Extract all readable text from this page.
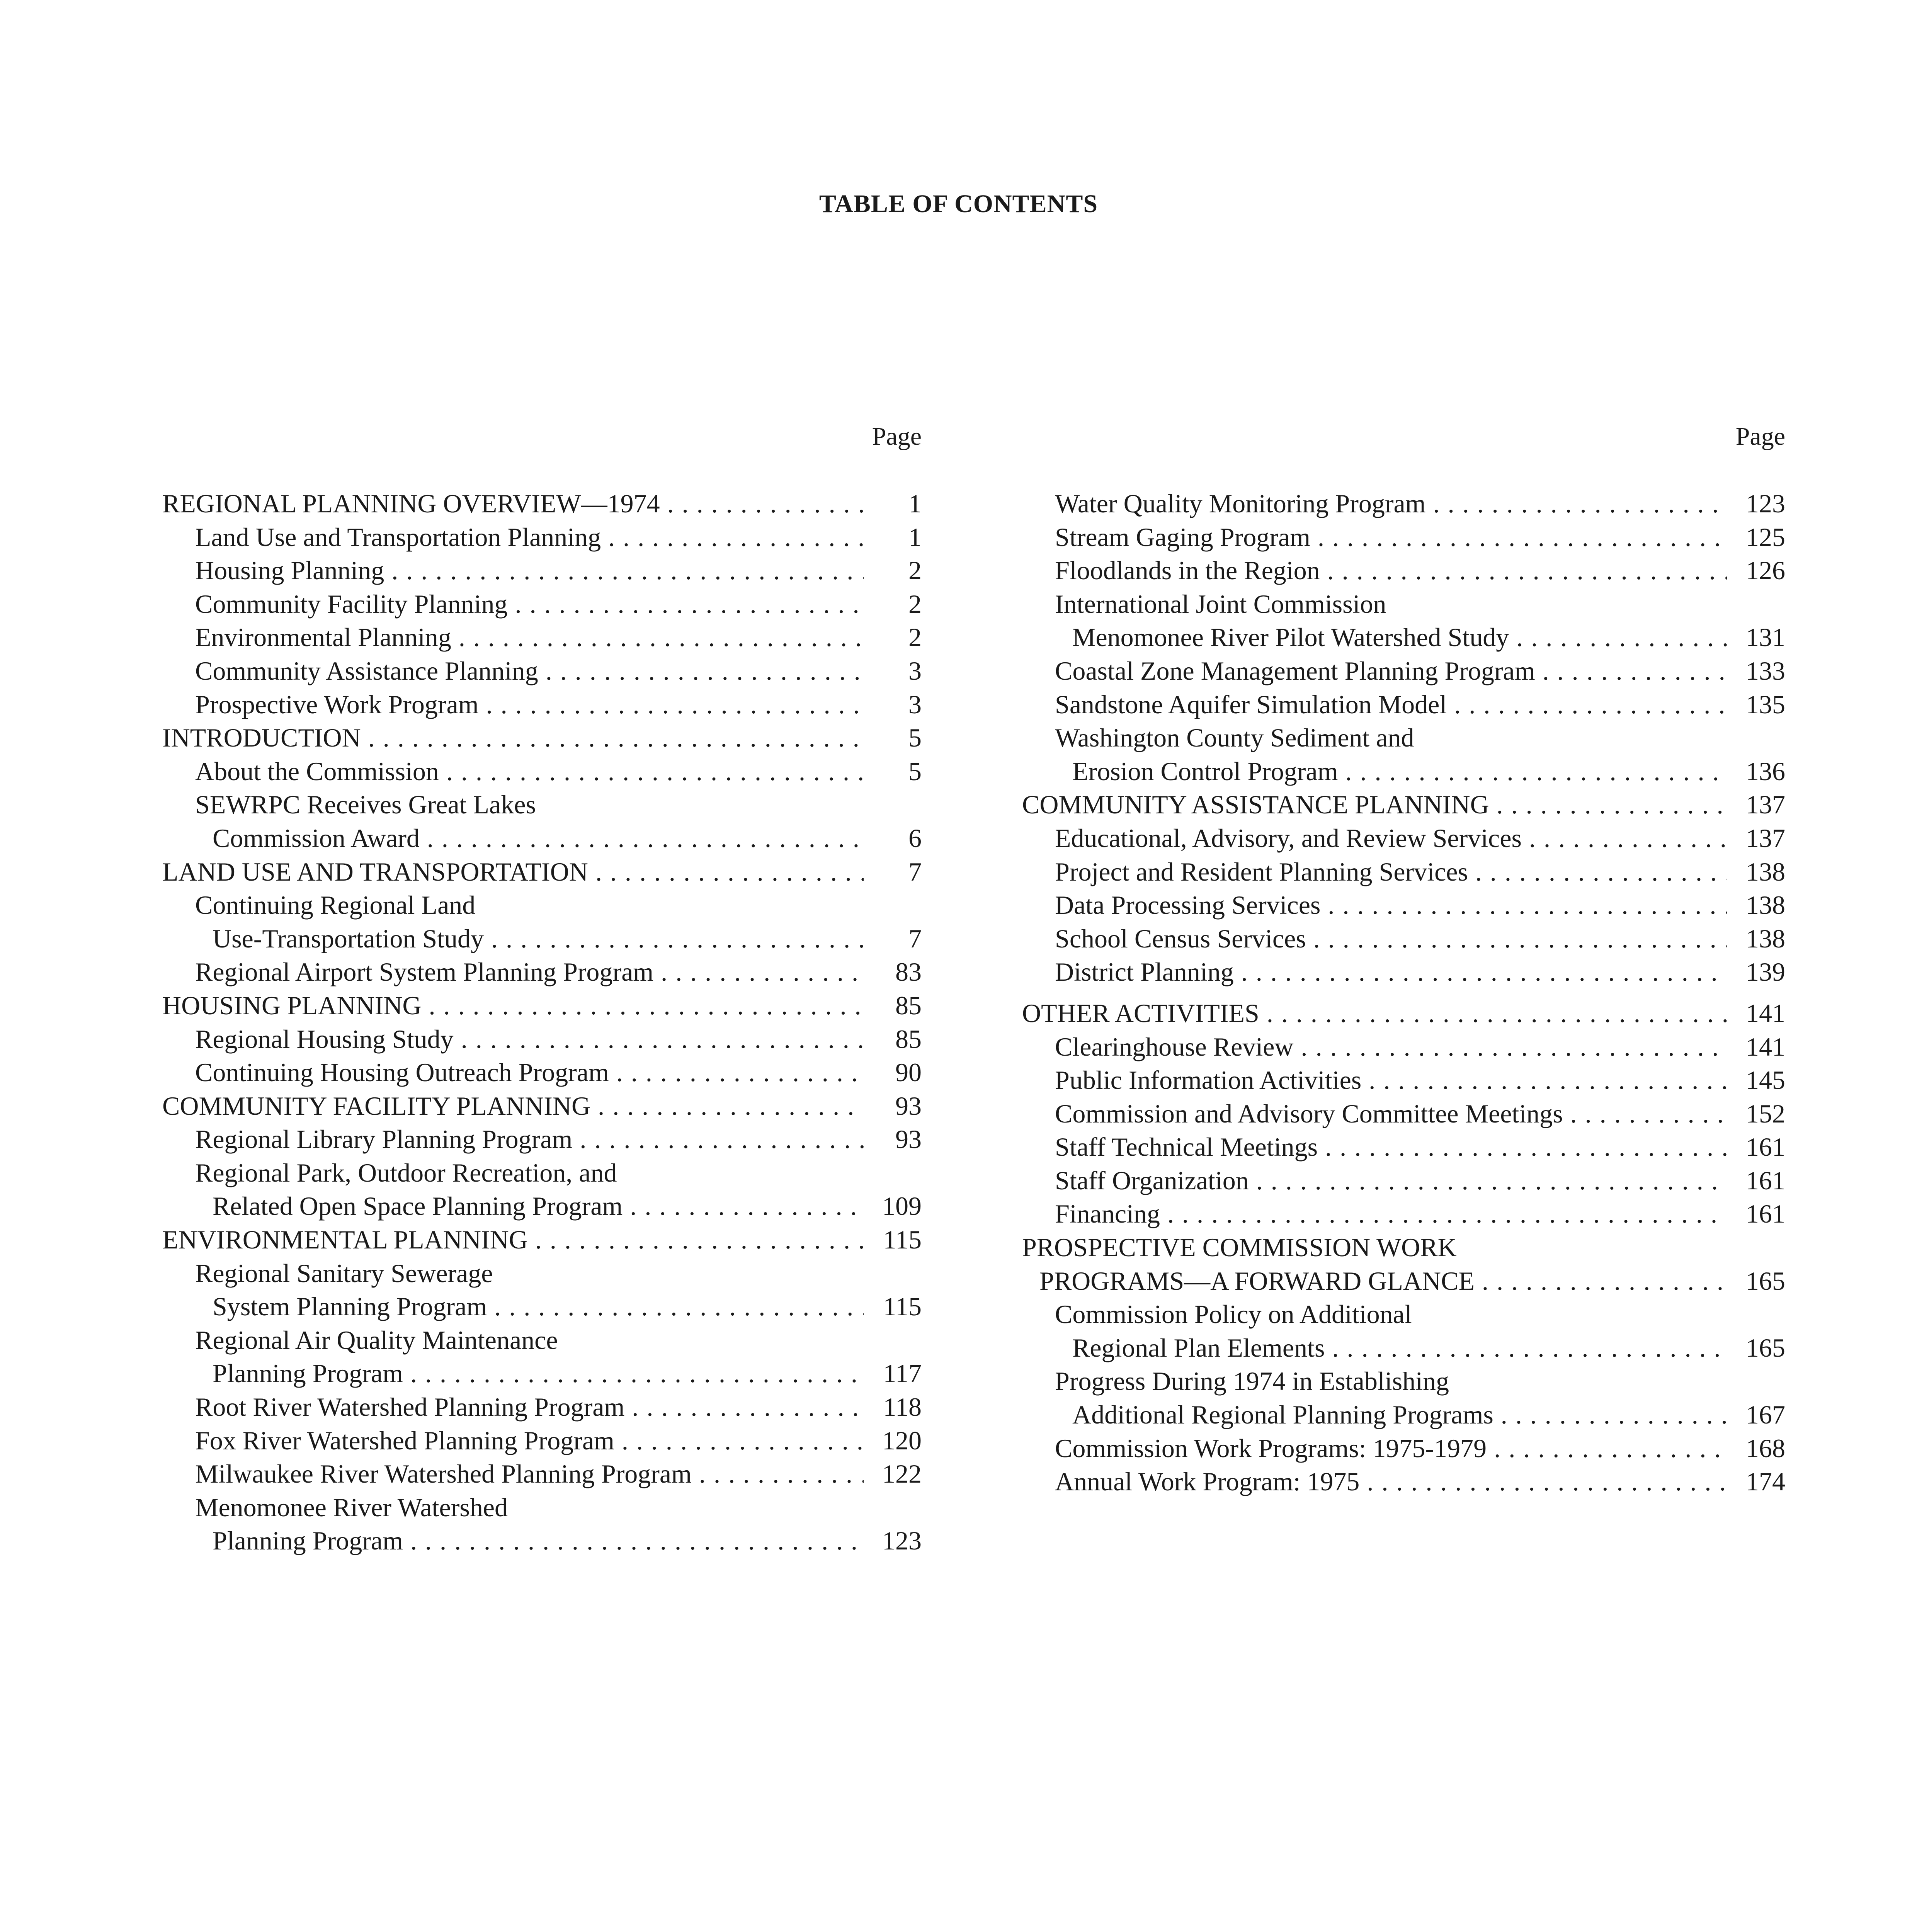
TABLE OF CONTENTS
Page
REGIONAL PLANNING OVERVIEW—1974 . . .	1
Land Use and Transportation Planning . . .	1
Housing Planning . . .	2
Community Facility Planning . . .	2
Environmental Planning . . .	2
Community Assistance Planning . . .	3
Prospective Work Program . . .	3
INTRODUCTION . . .	5
About the Commission . . .	5
SEWRPC Receives Great Lakes
Commission Award . . .	6
LAND USE AND TRANSPORTATION . . .	7
Continuing Regional Land
Use-Transportation Study . . .	7
Regional Airport System Planning Program . . .	83
HOUSING PLANNING . . .	85
Regional Housing Study . . .	85
Continuing Housing Outreach Program . . .	90
COMMUNITY FACILITY PLANNING . . .	93
Regional Library Planning Program . . .	93
Regional Park, Outdoor Recreation, and
Related Open Space Planning Program . . .	109
ENVIRONMENTAL PLANNING . . .	115
Regional Sanitary Sewerage
System Planning Program . . .	115
Regional Air Quality Maintenance
Planning Program . . .	117
Root River Watershed Planning Program . . .	118
Fox River Watershed Planning Program . . .	120
Milwaukee River Watershed Planning Program . . .	122
Menomonee River Watershed
Planning Program . . .	123
Page
Water Quality Monitoring Program . . .	123
Stream Gaging Program . . .	125
Floodlands in the Region . . .	126
International Joint Commission
Menomonee River Pilot Watershed Study . . .	131
Coastal Zone Management Planning Program . . .	133
Sandstone Aquifer Simulation Model . . .	135
Washington County Sediment and
Erosion Control Program . . .	136
COMMUNITY ASSISTANCE PLANNING . . .	137
Educational, Advisory, and Review Services . . .	137
Project and Resident Planning Services . . .	138
Data Processing Services . . .	138
School Census Services . . .	138
District Planning . . .	139
OTHER ACTIVITIES . . .	141
Clearinghouse Review . . .	141
Public Information Activities . . .	145
Commission and Advisory Committee Meetings . . .	152
Staff Technical Meetings . . .	161
Staff Organization . . .	161
Financing . . .	161
PROSPECTIVE COMMISSION WORK
PROGRAMS—A FORWARD GLANCE . . .	165
Commission Policy on Additional
Regional Plan Elements . . .	165
Progress During 1974 in Establishing
Additional Regional Planning Programs . . .	167
Commission Work Programs: 1975-1979 . . .	168
Annual Work Program: 1975 . . .	174
